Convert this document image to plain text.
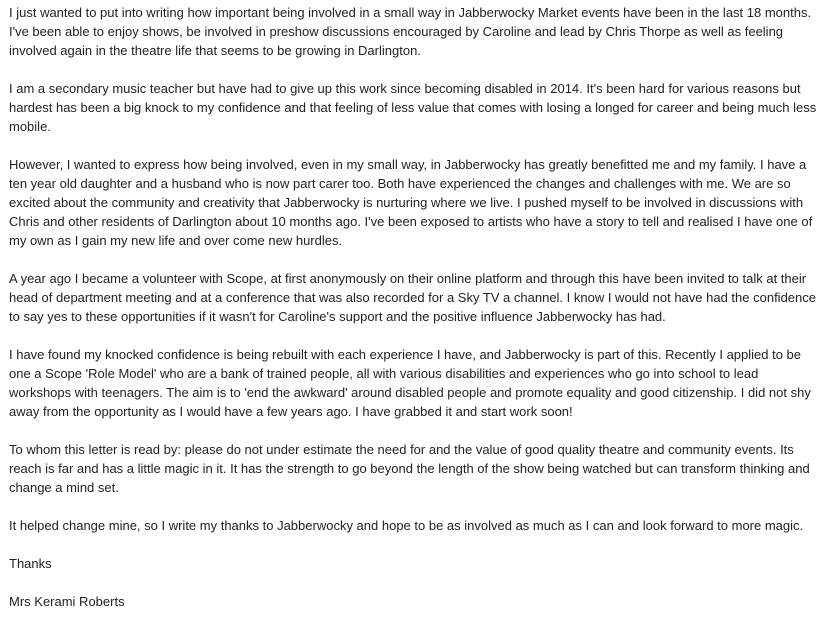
I just wanted to put into writing how important being involved in a small way in Jabberwocky Market events have been in the last 18 months. I've been able to enjoy shows, be involved in preshow discussions encouraged by Caroline and lead by Chris Thorpe as well as feeling involved again in the theatre life that seems to be growing in Darlington.

I am a secondary music teacher but have had to give up this work since becoming disabled in 2014. It's been hard for various reasons but hardest has been a big knock to my confidence and that feeling of less value that comes with losing a longed for career and being much less mobile.

However, I wanted to express how being involved, even in my small way, in Jabberwocky has greatly benefitted me and my family. I have a ten year old daughter and a husband who is now part carer too. Both have experienced the changes and challenges with me. We are so excited about the community and creativity that Jabberwocky is nurturing where we live. I pushed myself to be involved in discussions with Chris and other residents of Darlington about 10 months ago. I've been exposed to artists who have a story to tell and realised I have one of my own as I gain my new life and over come new hurdles.

A year ago I became a volunteer with Scope, at first anonymously on their online platform and through this have been invited to talk at their head of department meeting and at a conference that was also recorded for a Sky TV a channel. I know I would not have had the confidence to say yes to these opportunities if it wasn't for Caroline's support and the positive influence Jabberwocky has had.

I have found my knocked confidence is being rebuilt with each experience I have, and Jabberwocky is part of this. Recently I applied to be one a Scope 'Role Model' who are a bank of trained people, all with various disabilities and experiences who go into school to lead workshops with teenagers. The aim is to 'end the awkward' around disabled people and promote equality and good citizenship. I did not shy away from the opportunity as I would have a few years ago. I have grabbed it and start work soon!

To whom this letter is read by: please do not under estimate the need for and the value of good quality theatre and community events. Its reach is far and has a little magic in it. It has the strength to go beyond the length of the show being watched but can transform thinking and change a mind set.

It helped change mine, so I write my thanks to Jabberwocky and hope to be as involved as much as I can and look forward to more magic.

Thanks

Mrs Kerami Roberts
